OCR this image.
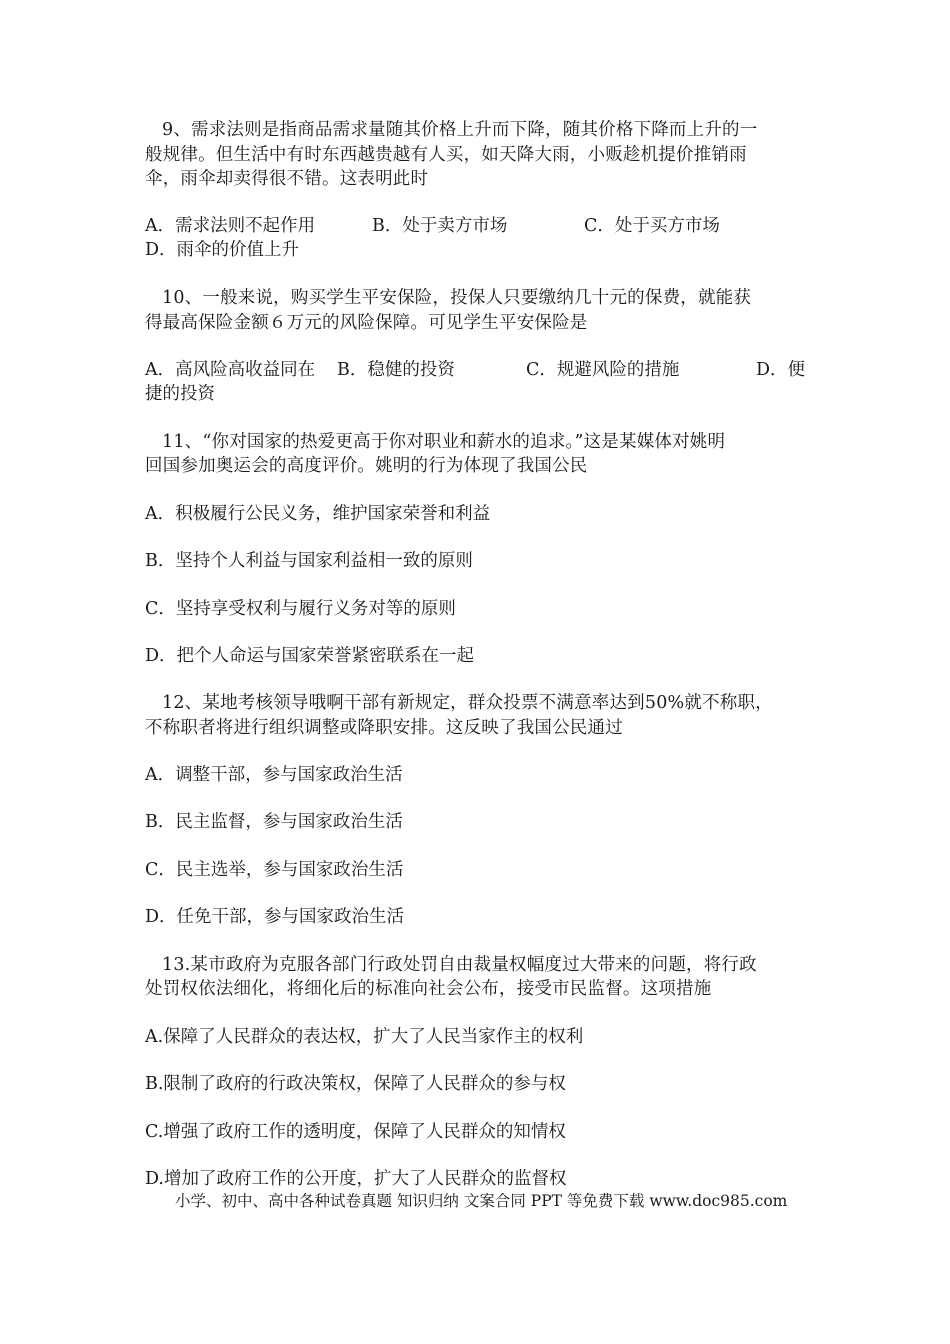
9、需求法则是指商品需求量随其价格上升而下降，随其价格下降而上升的一
般规律。但生活中有时东西越贵越有人买，如天降大雨，小贩趁机提价推销雨
伞，雨伞却卖得很不错。这表明此时
A．需求法则不起作用	B．处于卖方市场	C．处于买方市场
D．雨伞的价值上升
10、一般来说，购买学生平安保险，投保人只要缴纳几十元的保费，就能获
得最高保险金额６万元的风险保障。可见学生平安保险是
A．高风险高收益同在 B．稳健的投资	C．规避风险的措施	D．便
捷的投资
11、“你对国家的热爱更高于你对职业和薪水的追求。”这是某媒体对姚明
回国参加奥运会的高度评价。姚明的行为体现了我国公民
A．积极履行公民义务，维护国家荣誉和利益
B．坚持个人利益与国家利益相一致的原则
C．坚持享受权利与履行义务对等的原则
D．把个人命运与国家荣誉紧密联系在一起
12、某地考核领导哦啊干部有新规定，群众投票不满意率达到50%就不称职，
不称职者将进行组织调整或降职安排。这反映了我国公民通过
A．调整干部，参与国家政治生活
B．民主监督，参与国家政治生活
C．民主选举，参与国家政治生活
D．任免干部，参与国家政治生活
13.某市政府为克服各部门行政处罚自由裁量权幅度过大带来的问题，将行政
处罚权依法细化，将细化后的标准向社会公布，接受市民监督。这项措施
A.保障了人民群众的表达权，扩大了人民当家作主的权利
B.限制了政府的行政决策权，保障了人民群众的参与权
C.增强了政府工作的透明度，保障了人民群众的知情权
D.增加了政府工作的公开度，扩大了人民群众的监督权
小学、初中、高中各种试卷真题 知识归纳 文案合同 PPT 等免费下载 www.doc985.com
